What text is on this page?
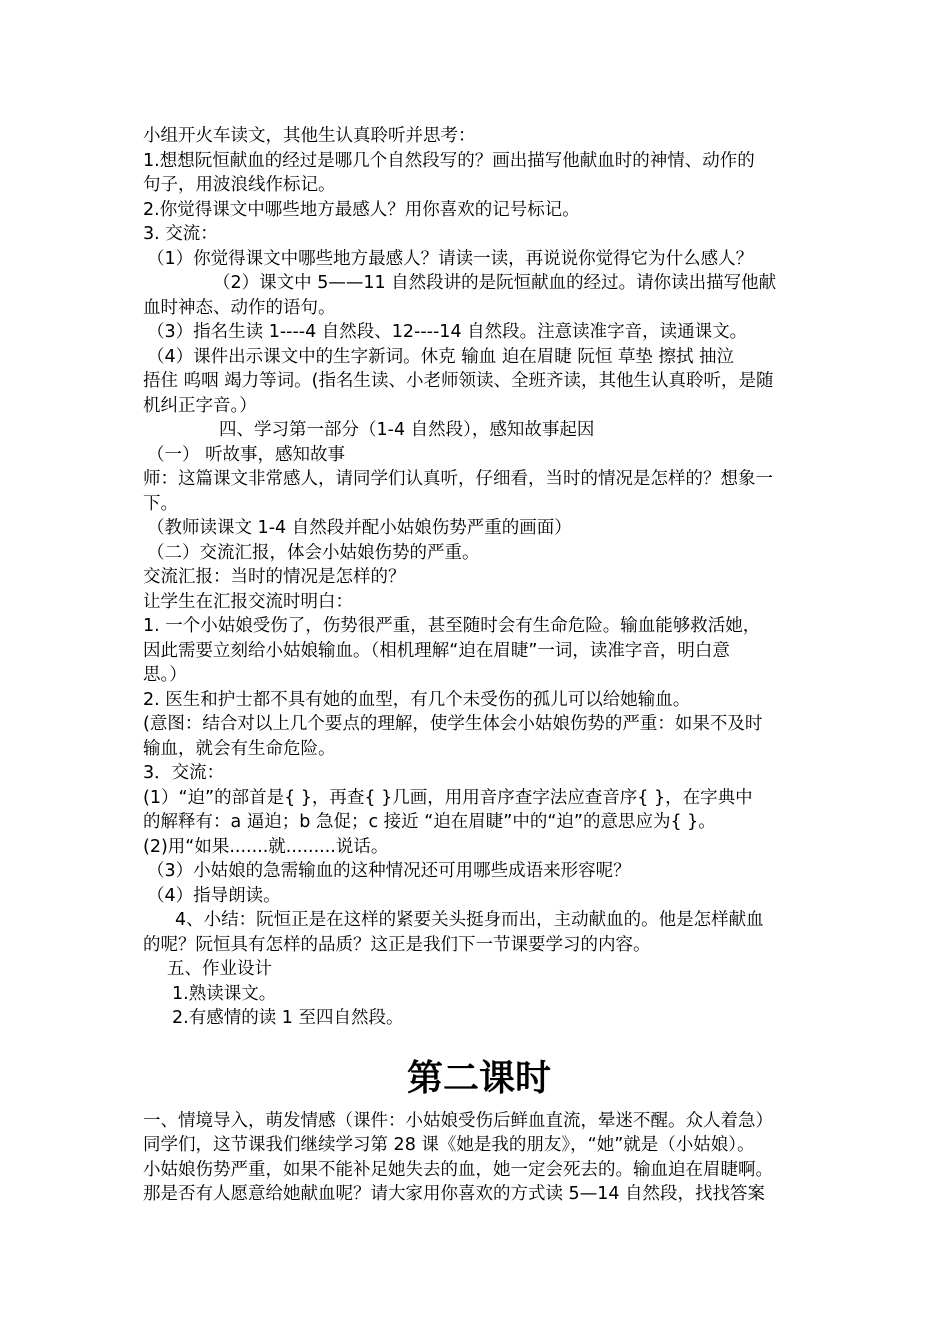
小组开火车读文，其他生认真聆听并思考：
1.想想阮恒献血的经过是哪几个自然段写的？画出描写他献血时的神情、动作的
句子，用波浪线作标记。
2.你觉得课文中哪些地方最感人？用你喜欢的记号标记。
3. 交流：
（1）你觉得课文中哪些地方最感人？请读一读，再说说你觉得它为什么感人？
（2）课文中 5——11 自然段讲的是阮恒献血的经过。请你读出描写他献
血时神态、动作的语句。
（3）指名生读 1----4 自然段、12----14 自然段。注意读准字音，读通课文。
（4）课件出示课文中的生字新词。休克 输血 迫在眉睫 阮恒 草垫 擦拭 抽泣
捂住 呜咽 竭力等词。(指名生读、小老师领读、全班齐读，其他生认真聆听，是随
机纠正字音。）
四、学习第一部分（1-4 自然段），感知故事起因
（一） 听故事，感知故事
师：这篇课文非常感人，请同学们认真听，仔细看，当时的情况是怎样的？想象一
下。
（教师读课文 1-4 自然段并配小姑娘伤势严重的画面）
（二）交流汇报，体会小姑娘伤势的严重。
交流汇报：当时的情况是怎样的？
让学生在汇报交流时明白：
1. 一个小姑娘受伤了，伤势很严重，甚至随时会有生命危险。输血能够救活她，
因此需要立刻给小姑娘输血。（相机理解“迫在眉睫”一词，读准字音，明白意
思。）
2. 医生和护士都不具有她的血型，有几个未受伤的孤儿可以给她输血。
(意图：结合对以上几个要点的理解，使学生体会小姑娘伤势的严重：如果不及时
输血，就会有生命危险。
3．交流：
(1）“迫”的部首是{ }，再查{ }几画，用用音序查字法应查音序{ }，在字典中
的解释有：a 逼迫；b 急促；c 接近 “迫在眉睫”中的“迫”的意思应为{ }。
(2)用“如果.......就.........说话。
（3）小姑娘的急需输血的这种情况还可用哪些成语来形容呢？
（4）指导朗读。
4、小结：阮恒正是在这样的紧要关头挺身而出，主动献血的。他是怎样献血
的呢？阮恒具有怎样的品质？这正是我们下一节课要学习的内容。
五、作业设计
1.熟读课文。
2.有感情的读 1 至四自然段。
第二课时
一、情境导入，萌发情感（课件：小姑娘受伤后鲜血直流，晕迷不醒。众人着急）
同学们，这节课我们继续学习第 28 课《她是我的朋友》，“她”就是（小姑娘）。
小姑娘伤势严重，如果不能补足她失去的血，她一定会死去的。输血迫在眉睫啊。
那是否有人愿意给她献血呢？请大家用你喜欢的方式读 5—14 自然段，找找答案
